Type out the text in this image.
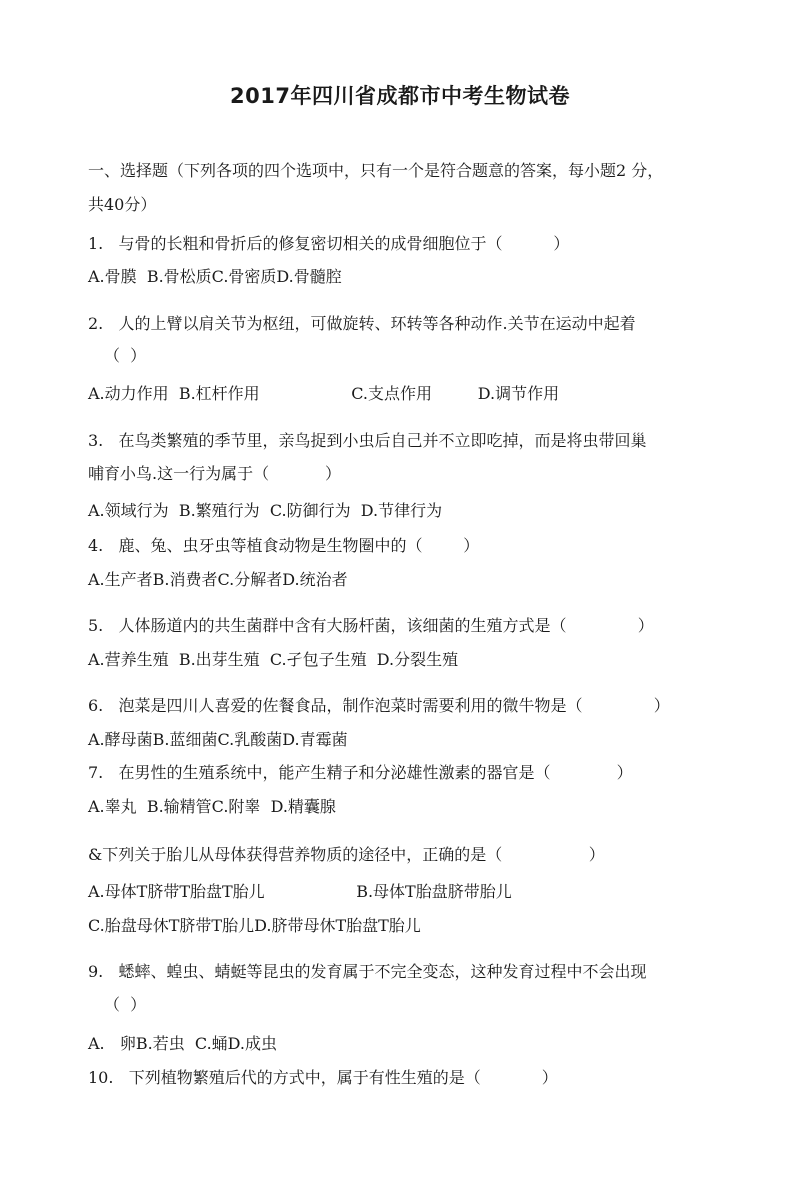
2017年四川省成都市中考生物试卷
一、选择题（下列各项的四个选项中，只有一个是符合题意的答案，每小题2 分，
共40分）
1.   与骨的长粗和骨折后的修复密切相关的成骨细胞位于（          ）
A.骨膜  B.骨松质C.骨密质D.骨髓腔
2.   人的上臂以肩关节为枢纽，可做旋转、环转等各种动作.关节在运动中起着
（  ）
A.动力作用  B.杠杆作用                  C.支点作用         D.调节作用
3.   在鸟类繁殖的季节里，亲鸟捉到小虫后自己并不立即吃掉，而是将虫带回巢
哺育小鸟.这一行为属于（           ）
A.领域行为  B.繁殖行为  C.防御行为  D.节律行为
4.   鹿、兔、虫牙虫等植食动物是生物圈中的（        ）
A.生产者B.消费者C.分解者D.统治者
5.   人体肠道内的共生菌群中含有大肠杆菌，该细菌的生殖方式是（              ）
A.营养生殖  B.出芽生殖  C.孑包子生殖  D.分裂生殖
6.   泡菜是四川人喜爱的佐餐食品，制作泡菜时需要利用的微牛物是（              ）
A.酵母菌B.蓝细菌C.乳酸菌D.青霉菌
7.   在男性的生殖系统中，能产生精子和分泌雄性激素的器官是（             ）
A.睾丸  B.输精管C.附睾  D.精囊腺
&下列关于胎儿从母体获得营养物质的途径中，正确的是（                 ）
A.母体T脐带T胎盘T胎儿                  B.母体T胎盘脐带胎儿
C.胎盘母休T脐带T胎儿D.脐带母休T胎盘T胎儿
9.   蟋蟀、蝗虫、蜻蜓等昆虫的发育属于不完全变态，这种发育过程中不会出现
（  ）
A.   卵B.若虫  C.蛹D.成虫
10.   下列植物繁殖后代的方式中，属于有性生殖的是（            ）
